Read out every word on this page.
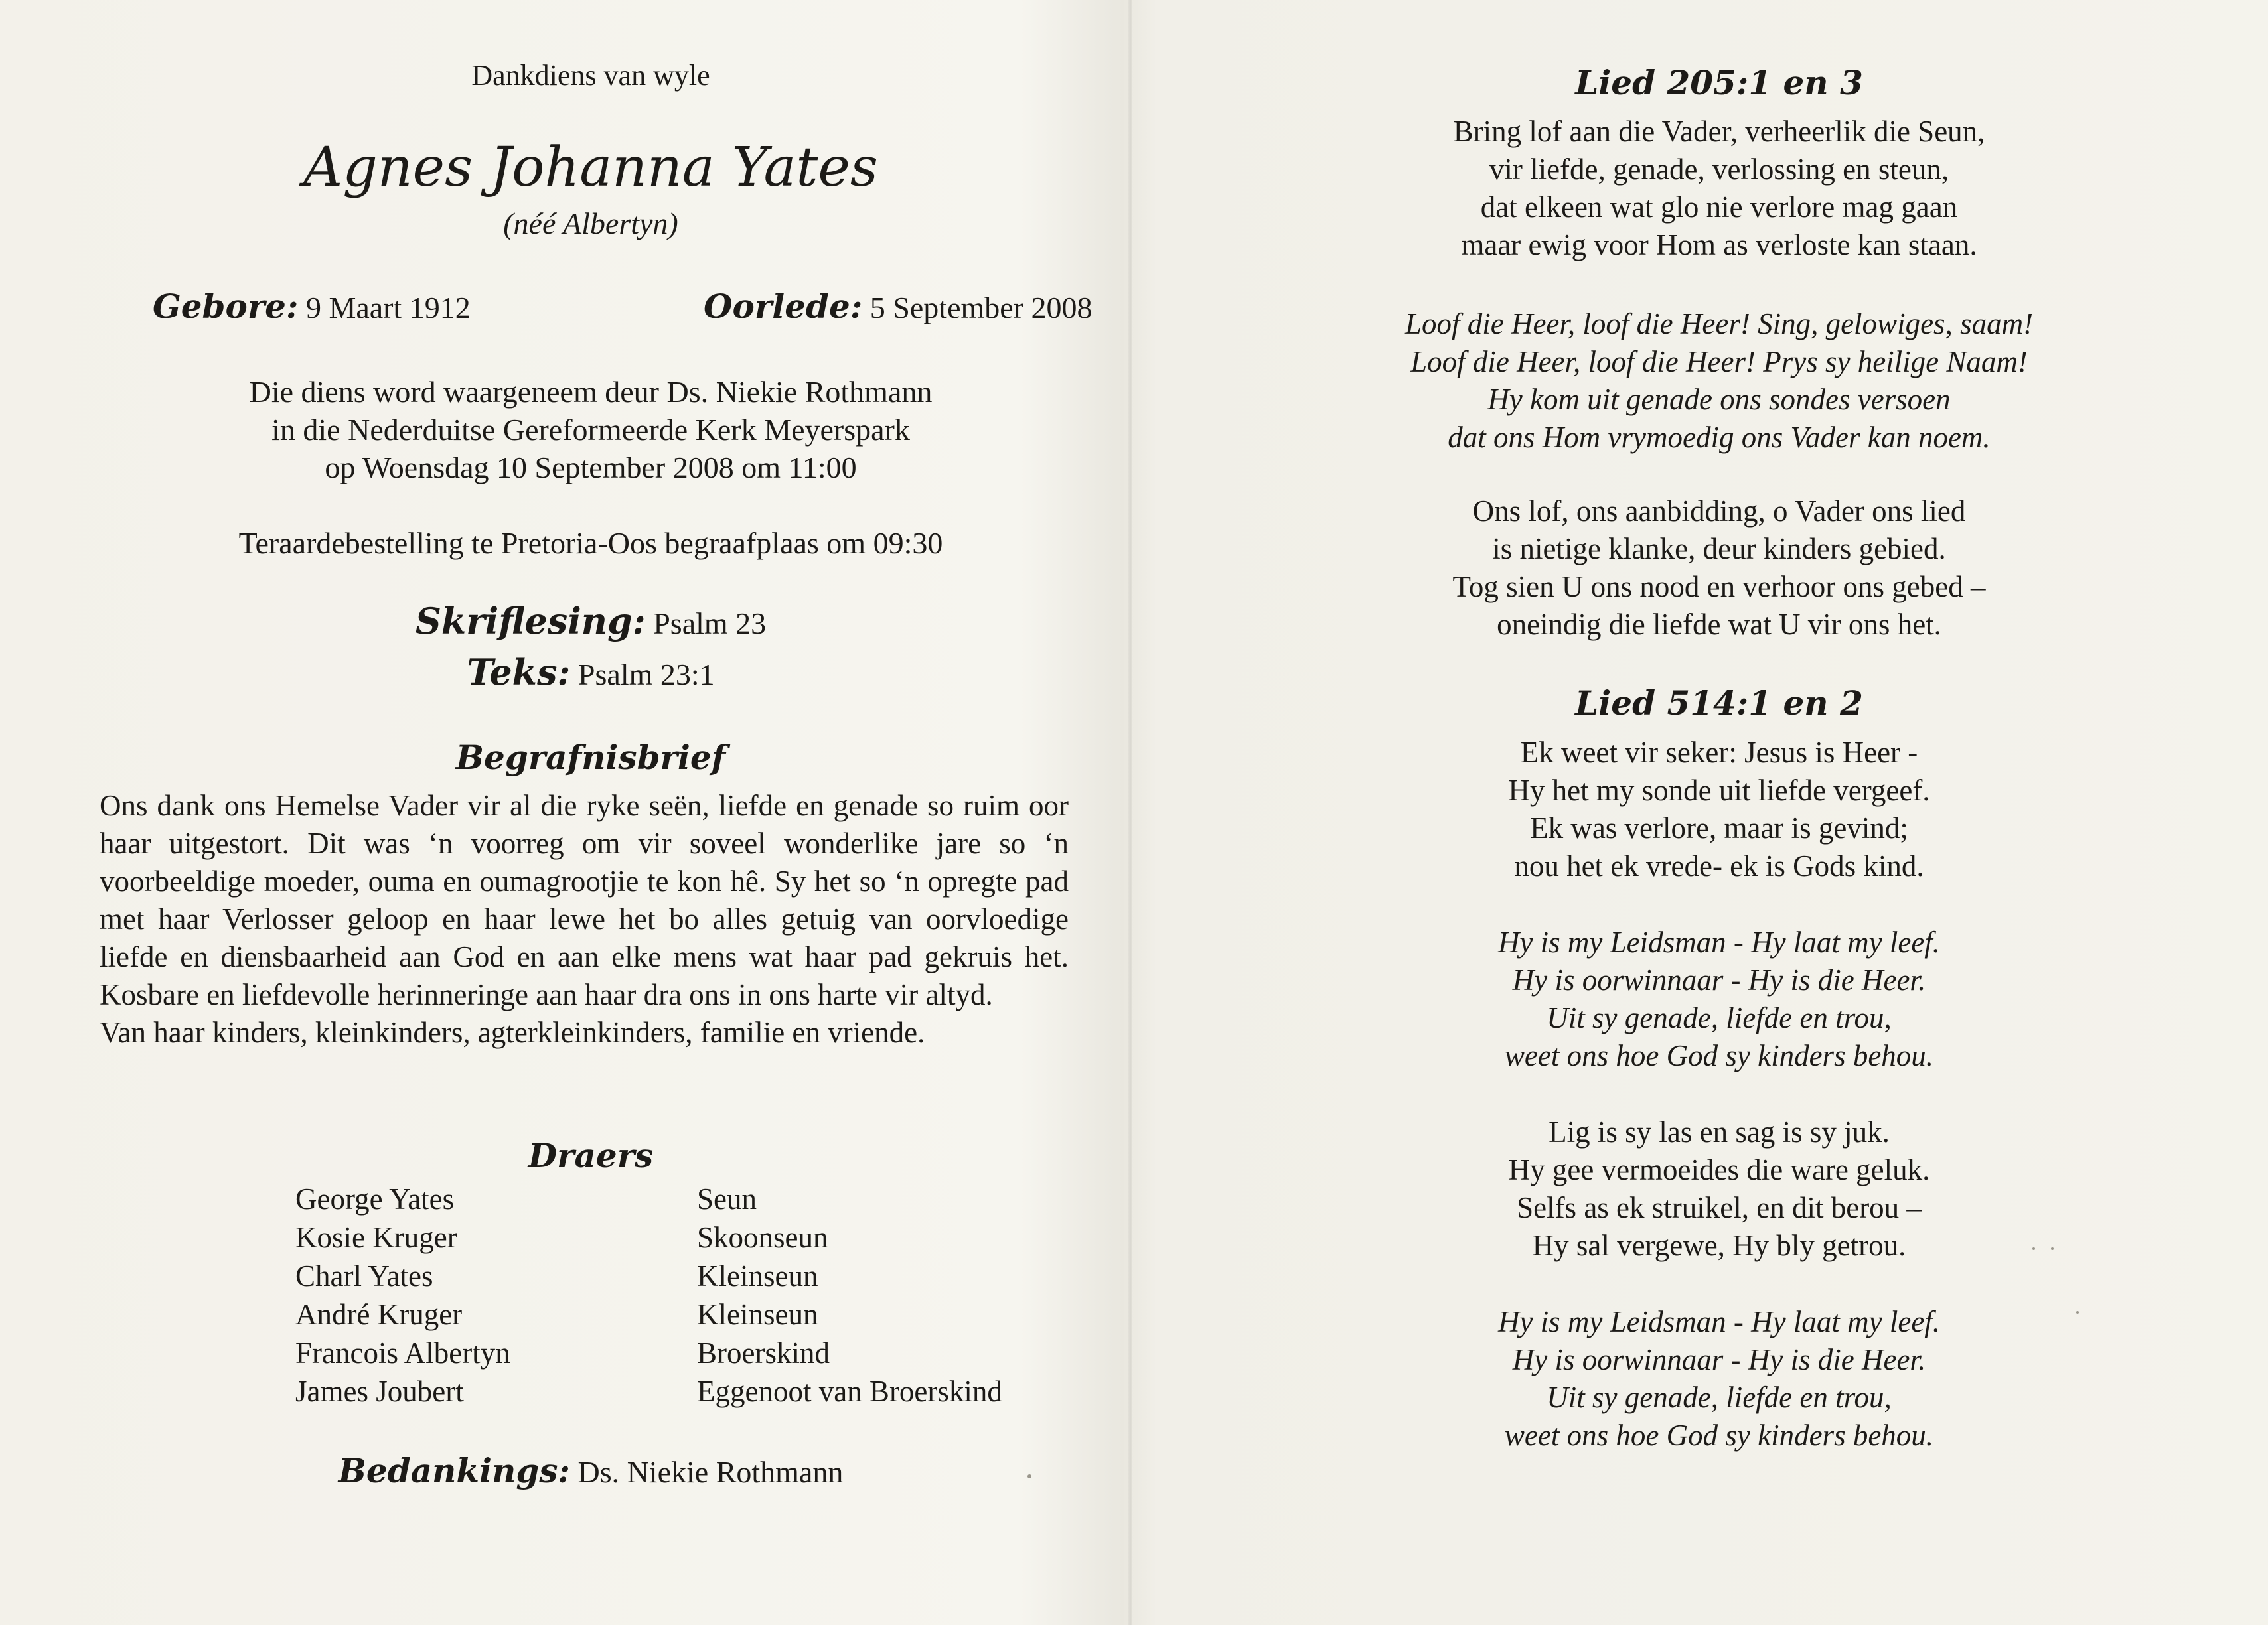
Dankdiens van wyle
Agnes Johanna Yates
(néé Albertyn)
Gebore: 9 Maart 1912	Oorlede: 5 September 2008
Die diens word waargeneem deur Ds. Niekie Rothmann
in die Nederduitse Gereformeerde Kerk Meyerspark
op Woensdag 10 September 2008 om 11:00
Teraardebestelling te Pretoria-Oos begraafplaas om 09:30
Skriflesing: Psalm 23
Teks: Psalm 23:1
Begrafnisbrief

Ons dank ons Hemelse Vader vir al die ryke seën, liefde en genade so ruim oor haar uitgestort. Dit was ‘n voorreg om vir soveel wonderlike jare so ‘n voorbeeldige moeder, ouma en oumagrootjie te kon hê. Sy het so ‘n opregte pad met haar Verlosser geloop en haar lewe het bo alles getuig van oorvloedige liefde en diensbaarheid aan God en aan elke mens wat haar pad gekruis het. Kosbare en liefdevolle herinneringe aan haar dra ons in ons harte vir altyd.

Van haar kinders, kleinkinders, agterkleinkinders, familie en vriende.

Draers
George Yates	Seun
Kosie Kruger	Skoonseun
Charl Yates	Kleinseun
André Kruger	Kleinseun
Francois Albertyn	Broerskind
James Joubert	Eggenoot van Broerskind
Bedankings: Ds. Niekie Rothmann
Lied 205:1 en 3
Bring lof aan die Vader, verheerlik die Seun,
vir liefde, genade, verlossing en steun,
dat elkeen wat glo nie verlore mag gaan
maar ewig voor Hom as verloste kan staan.
Loof die Heer, loof die Heer! Sing, gelowiges, saam!
Loof die Heer, loof die Heer! Prys sy heilige Naam!
Hy kom uit genade ons sondes versoen
dat ons Hom vrymoedig ons Vader kan noem.
Ons lof, ons aanbidding, o Vader ons lied
is nietige klanke, deur kinders gebied.
Tog sien U ons nood en verhoor ons gebed –
oneindig die liefde wat U vir ons het.
Lied 514:1 en 2
Ek weet vir seker: Jesus is Heer -
Hy het my sonde uit liefde vergeef.
Ek was verlore, maar is gevind;
nou het ek vrede- ek is Gods kind.
Hy is my Leidsman - Hy laat my leef.
Hy is oorwinnaar - Hy is die Heer.
Uit sy genade, liefde en trou,
weet ons hoe God sy kinders behou.
Lig is sy las en sag is sy juk.
Hy gee vermoeides die ware geluk.
Selfs as ek struikel, en dit berou –
Hy sal vergewe, Hy bly getrou.
Hy is my Leidsman - Hy laat my leef.
Hy is oorwinnaar - Hy is die Heer.
Uit sy genade, liefde en trou,
weet ons hoe God sy kinders behou.
